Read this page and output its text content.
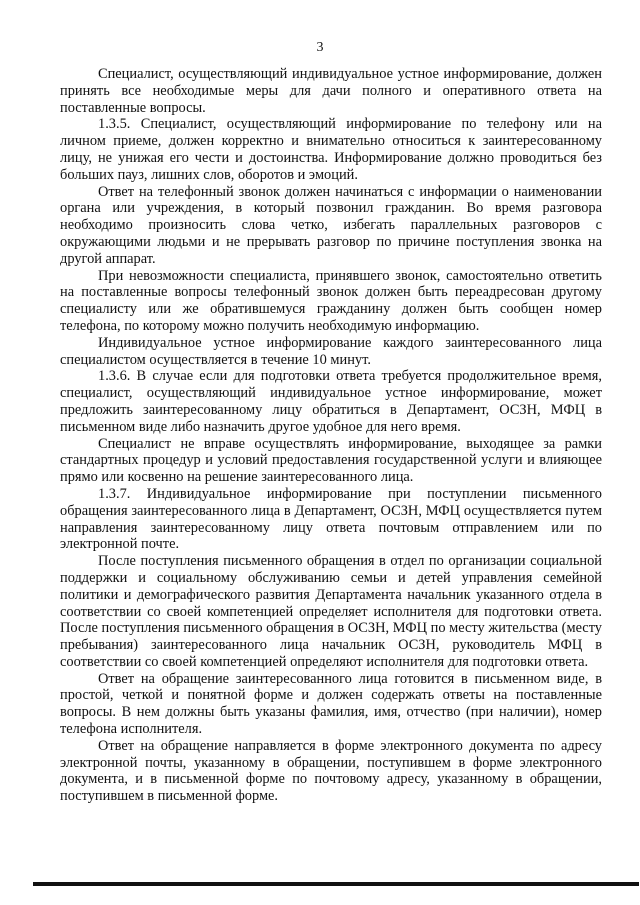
3

Специалист, осуществляющий индивидуальное устное информирование, должен принять все необходимые меры для дачи полного и оперативного ответа на поставленные вопросы.

1.3.5. Специалист, осуществляющий информирование по телефону или на личном приеме, должен корректно и внимательно относиться к заинтересованному лицу, не унижая его чести и достоинства. Информирование должно проводиться без больших пауз, лишних слов, оборотов и эмоций.

Ответ на телефонный звонок должен начинаться с информации о наименовании органа или учреждения, в который позвонил гражданин. Во время разговора необходимо произносить слова четко, избегать параллельных разговоров с окружающими людьми и не прерывать разговор по причине поступления звонка на другой аппарат.

При невозможности специалиста, принявшего звонок, самостоятельно ответить на поставленные вопросы телефонный звонок должен быть переадресован другому специалисту или же обратившемуся гражданину должен быть сообщен номер телефона, по которому можно получить необходимую информацию.

Индивидуальное устное информирование каждого заинтересованного лица специалистом осуществляется в течение 10 минут.

1.3.6. В случае если для подготовки ответа требуется продолжительное время, специалист, осуществляющий индивидуальное устное информирование, может предложить заинтересованному лицу обратиться в Департамент, ОСЗН, МФЦ в письменном виде либо назначить другое удобное для него время.

Специалист не вправе осуществлять информирование, выходящее за рамки стандартных процедур и условий предоставления государственной услуги и влияющее прямо или косвенно на решение заинтересованного лица.

1.3.7. Индивидуальное информирование при поступлении письменного обращения заинтересованного лица в Департамент, ОСЗН, МФЦ осуществляется путем направления заинтересованному лицу ответа почтовым отправлением или по электронной почте.

После поступления письменного обращения в отдел по организации социальной поддержки и социальному обслуживанию семьи и детей управления семейной политики и демографического развития Департамента начальник указанного отдела в соответствии со своей компетенцией определяет исполнителя для подготовки ответа. После поступления письменного обращения в ОСЗН, МФЦ по месту жительства (месту пребывания) заинтересованного лица начальник ОСЗН, руководитель МФЦ в соответствии со своей компетенцией определяют исполнителя для подготовки ответа.

Ответ на обращение заинтересованного лица готовится в письменном виде, в простой, четкой и понятной форме и должен содержать ответы на поставленные вопросы. В нем должны быть указаны фамилия, имя, отчество (при наличии), номер телефона исполнителя.

Ответ на обращение направляется в форме электронного документа по адресу электронной почты, указанному в обращении, поступившем в форме электронного документа, и в письменной форме по почтовому адресу, указанному в обращении, поступившем в письменной форме.
